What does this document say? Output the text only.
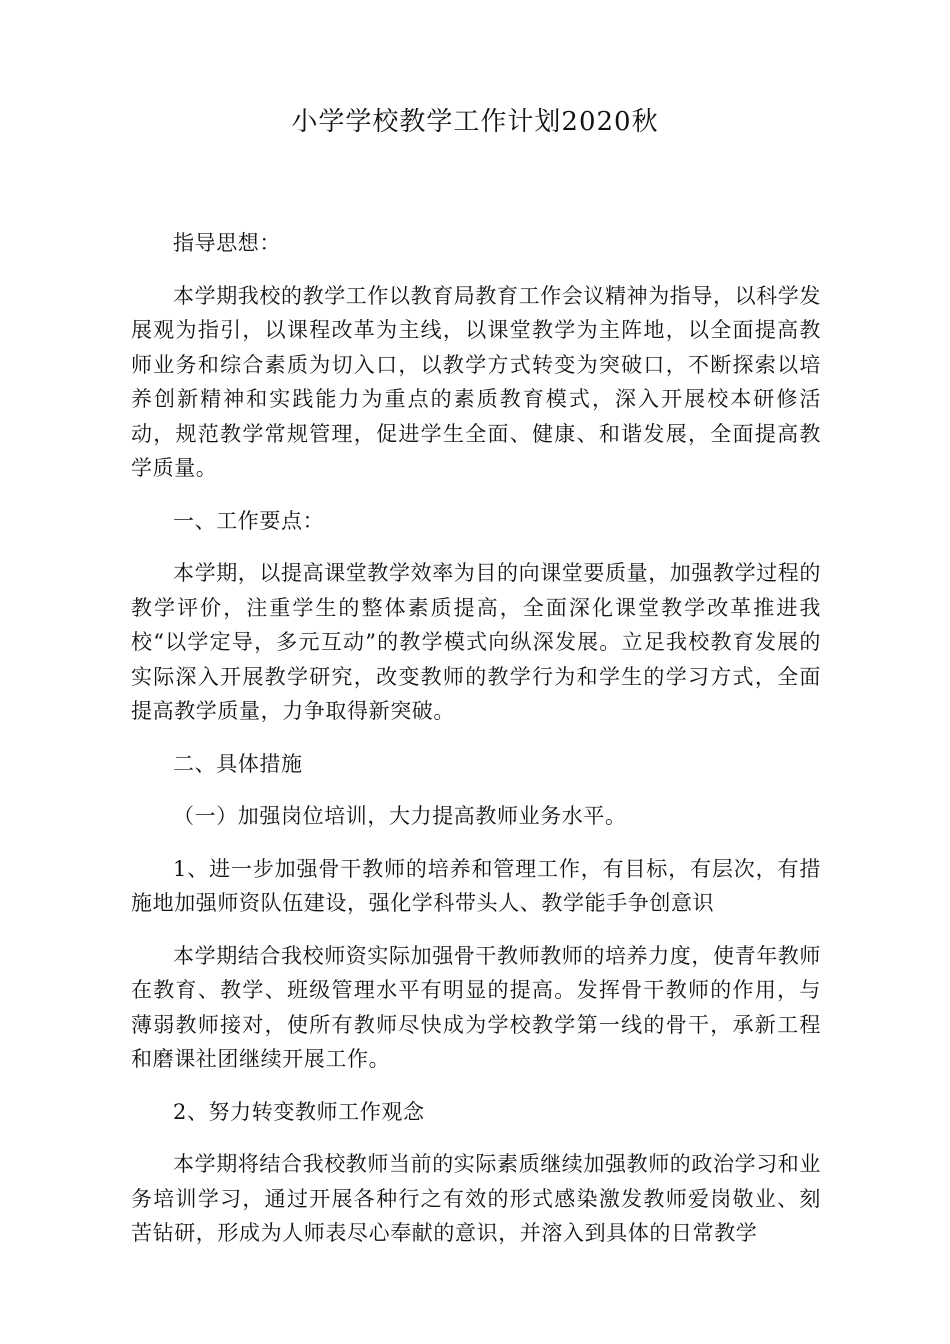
小学学校教学工作计划2020秋

指导思想：

本学期我校的教学工作以教育局教育工作会议精神为指导，以科学发展观为指引，以课程改革为主线，以课堂教学为主阵地，以全面提高教师业务和综合素质为切入口，以教学方式转变为突破口，不断探索以培养创新精神和实践能力为重点的素质教育模式，深入开展校本研修活动，规范教学常规管理，促进学生全面、健康、和谐发展，全面提高教学质量。

一、工作要点：

本学期，以提高课堂教学效率为目的向课堂要质量，加强教学过程的教学评价，注重学生的整体素质提高，全面深化课堂教学改革推进我校“以学定导，多元互动”的教学模式向纵深发展。立足我校教育发展的实际深入开展教学研究，改变教师的教学行为和学生的学习方式，全面提高教学质量，力争取得新突破。

二、具体措施

（一）加强岗位培训，大力提高教师业务水平。

1、进一步加强骨干教师的培养和管理工作，有目标，有层次，有措施地加强师资队伍建设，强化学科带头人、教学能手争创意识

本学期结合我校师资实际加强骨干教师教师的培养力度，使青年教师在教育、教学、班级管理水平有明显的提高。发挥骨干教师的作用，与薄弱教师接对，使所有教师尽快成为学校教学第一线的骨干，承新工程和磨课社团继续开展工作。

2、努力转变教师工作观念

本学期将结合我校教师当前的实际素质继续加强教师的政治学习和业务培训学习，通过开展各种行之有效的形式感染激发教师爱岗敬业、刻苦钻研，形成为人师表尽心奉献的意识，并溶入到具体的日常教学
